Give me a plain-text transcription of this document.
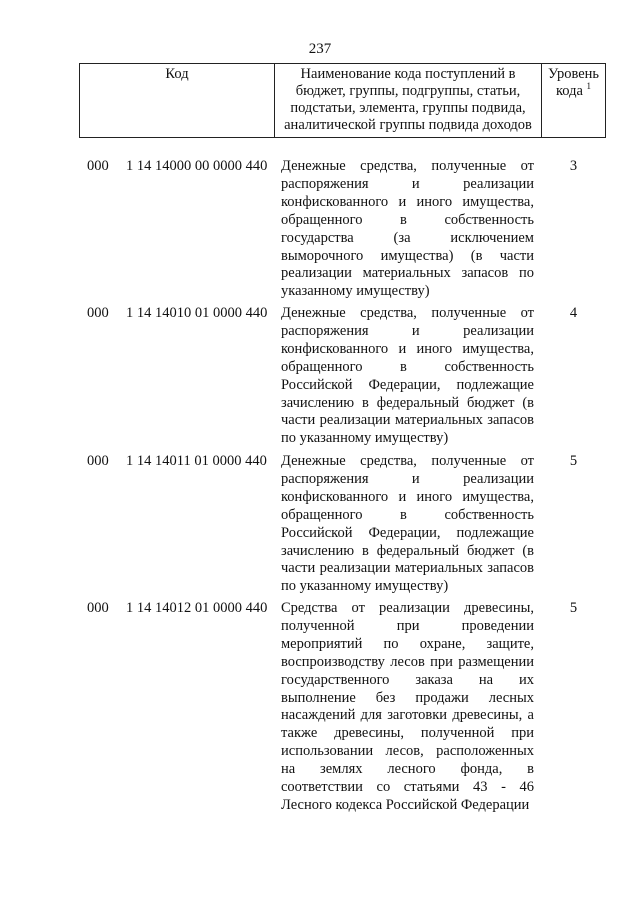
237
Код	Наименование кода поступлений в бюджет, группы, подгруппы, статьи, подстатьи, элемента, группы подвида, аналитической группы подвида доходов
Уровень кода $^1$
000 1 14 14000 00 0000 440 Денежные средства, полученные от распоряжения и реализации конфискованного и иного имущества, обращенного в собственность государства (за исключением выморочного имущества) (в части реализации материальных запасов по указанному имуществу)
3
000 1 14 14010 01 0000 440 Денежные средства, полученные от распоряжения и реализации конфискованного и иного имущества, обращенного в собственность Российской Федерации, подлежащие зачислению в федеральный бюджет (в части реализации материальных запасов по указанному имуществу)
4
000 1 14 14011 01 0000 440 Денежные средства, полученные от распоряжения и реализации конфискованного и иного имущества, обращенного в собственность Российской Федерации, подлежащие зачислению в федеральный бюджет (в части реализации материальных запасов по указанному имуществу)
5
000 1 14 14012 01 0000 440 Средства от реализации древесины, полученной при проведении мероприятий по охране, защите, воспроизводству лесов при размещении государственного заказа на их выполнение без продажи лесных насаждений для заготовки древесины, а также древесины, полученной при использовании лесов, расположенных на землях лесного фонда, в соответствии со статьями 43 - 46 Лесного кодекса Российской Федерации
5
